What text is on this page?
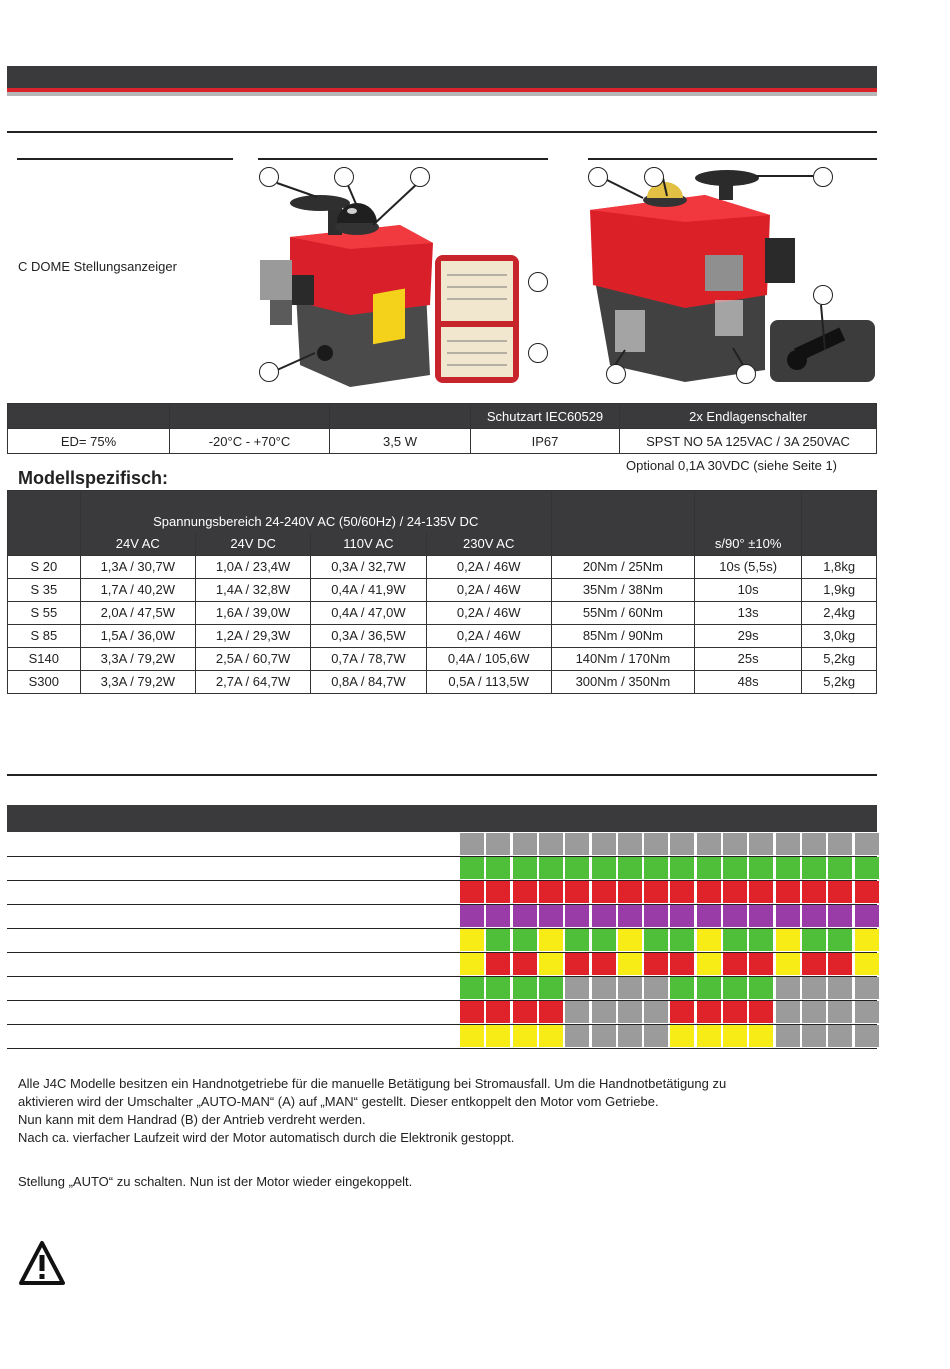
C DOME Stellungsanzeiger
			Schutzart IEC60529	2x Endlagenschalter
ED= 75%	-20°C - +70°C	3,5 W	IP67	SPST NO 5A 125VAC / 3A 250VAC
Optional 0,1A 30VDC (siehe Seite 1)
Modellspezifisch:
	Spannungsbereich 24-240V AC (50/60Hz) / 24-135V DC					s/90° ±10%	
	24V AC	24V DC	110V AC	230V AC			
S 20	1,3A / 30,7W	1,0A / 23,4W	0,3A / 32,7W	0,2A / 46W	20Nm / 25Nm	10s (5,5s)	1,8kg
S 35	1,7A / 40,2W	1,4A / 32,8W	0,4A / 41,9W	0,2A / 46W	35Nm / 38Nm	10s	1,9kg
S 55	2,0A / 47,5W	1,6A / 39,0W	0,4A / 47,0W	0,2A / 46W	55Nm / 60Nm	13s	2,4kg
S 85	1,5A / 36,0W	1,2A / 29,3W	0,3A / 36,5W	0,2A / 46W	85Nm / 90Nm	29s	3,0kg
S140	3,3A / 79,2W	2,5A / 60,7W	0,7A / 78,7W	0,4A / 105,6W	140Nm / 170Nm	25s	5,2kg
S300	3,3A / 79,2W	2,7A / 64,7W	0,8A / 84,7W	0,5A / 113,5W	300Nm / 350Nm	48s	5,2kg
Alle J4C Modelle besitzen ein Handnotgetriebe für die manuelle Betätigung bei Stromausfall. Um die Handnotbetätigung zu
aktivieren wird der Umschalter „AUTO-MAN“ (A) auf „MAN“ gestellt. Dieser entkoppelt den Motor vom Getriebe.
Nun kann mit dem Handrad (B) der Antrieb verdreht werden.
Nach ca. vierfacher Laufzeit wird der Motor automatisch durch die Elektronik gestoppt.
Stellung „AUTO“ zu schalten. Nun ist der Motor wieder eingekoppelt.
